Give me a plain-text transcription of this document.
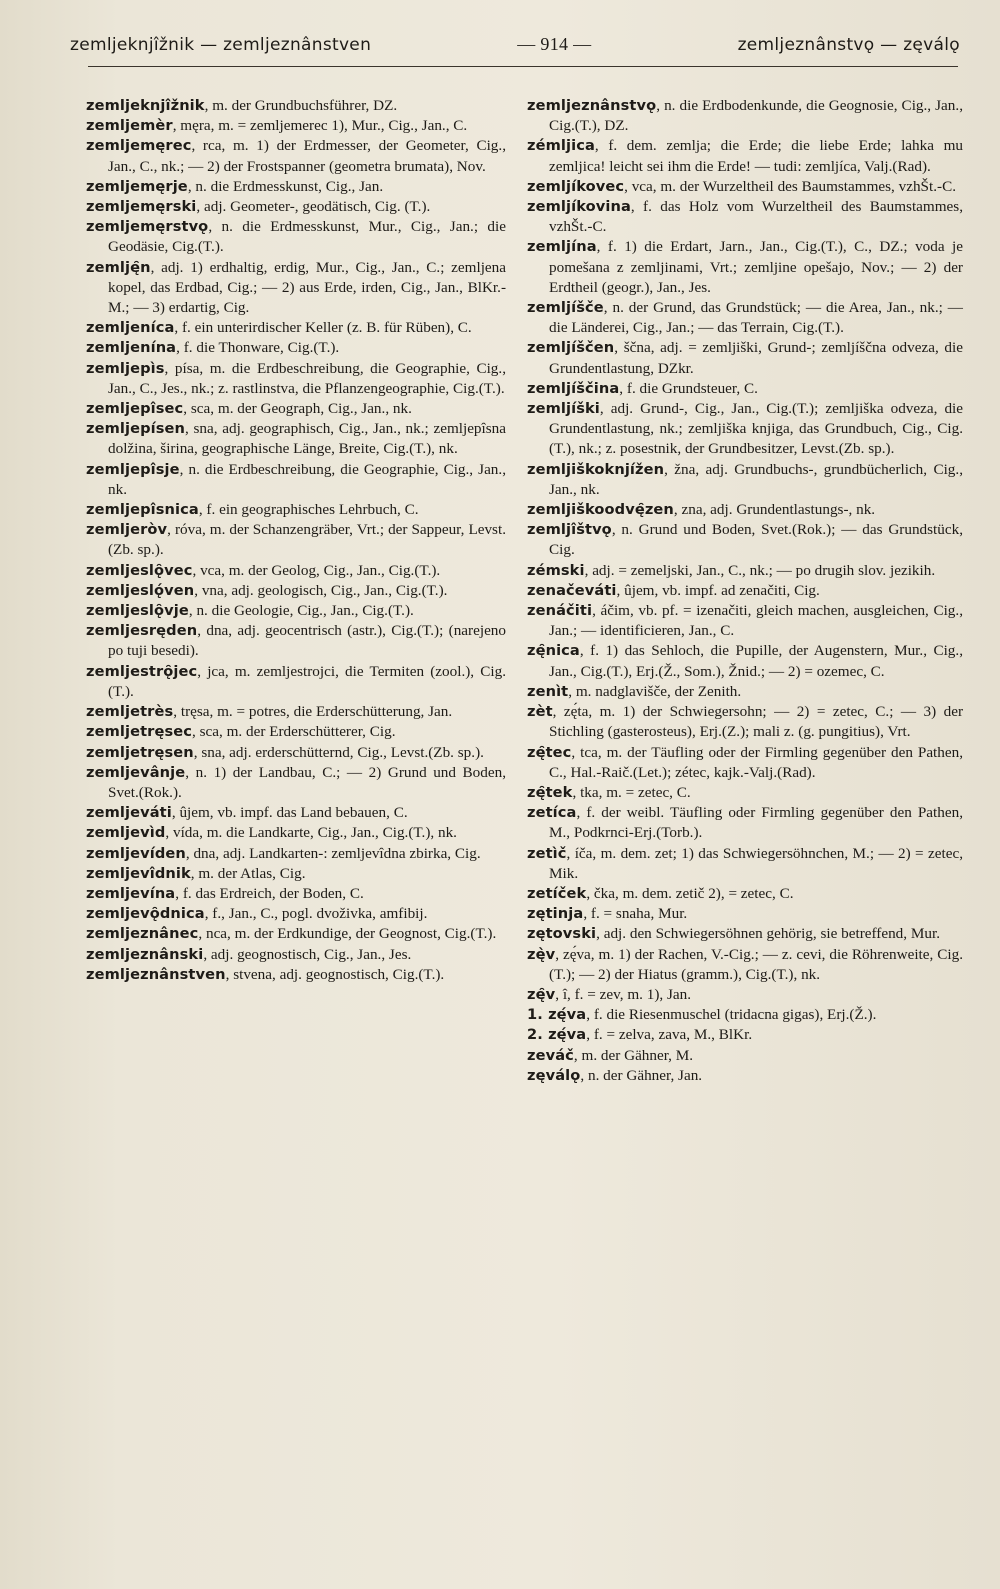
zemljeknjîžnik — zemljeznânstven	— 914 —	zemljeznânstvǫ — zęválǫ

zemljeknjîžnik, m. der Grundbuchsführer, DZ.

zemljemèr, męra, m. = zemljemerec 1), Mur., Cig., Jan., C.

zemljemęrec, rca, m. 1) der Erdmesser, der Geometer, Cig., Jan., C., nk.; — 2) der Frostspanner (geometra brumata), Nov.

zemljemęrje, n. die Erdmesskunst, Cig., Jan.

zemljemęrski, adj. Geometer-, geodätisch, Cig. (T.).

zemljemęrstvǫ, n. die Erdmesskunst, Mur., Cig., Jan.; die Geodäsie, Cig.(T.).

zemlję̑n, adj. 1) erdhaltig, erdig, Mur., Cig., Jan., C.; zemljena kopel, das Erdbad, Cig.; — 2) aus Erde, irden, Cig., Jan., BlKr.-M.; — 3) erdartig, Cig.

zemljeníca, f. ein unterirdischer Keller (z. B. für Rüben), C.

zemljenína, f. die Thonware, Cig.(T.).

zemljepìs, písa, m. die Erdbeschreibung, die Geographie, Cig., Jan., C., Jes., nk.; z. rastlinstva, die Pflanzengeographie, Cig.(T.).

zemljepîsec, sca, m. der Geograph, Cig., Jan., nk.

zemljepísen, sna, adj. geographisch, Cig., Jan., nk.; zemljepîsna dolžina, širina, geographische Länge, Breite, Cig.(T.), nk.

zemljepîsje, n. die Erdbeschreibung, die Geographie, Cig., Jan., nk.

zemljepîsnica, f. ein geographisches Lehrbuch, C.

zemljeròv, róva, m. der Schanzengräber, Vrt.; der Sappeur, Levst.(Zb. sp.).

zemljeslǫ̑vec, vca, m. der Geolog, Cig., Jan., Cig.(T.).

zemljeslǫ́ven, vna, adj. geologisch, Cig., Jan., Cig.(T.).

zemljeslǫ̑vje, n. die Geologie, Cig., Jan., Cig.(T.).

zemljesręden, dna, adj. geocentrisch (astr.), Cig.(T.); (narejeno po tuji besedi).

zemljestrǫ̑jec, jca, m. zemljestrojci, die Termiten (zool.), Cig.(T.).

zemljetrès, tręsa, m. = potres, die Erderschütterung, Jan.

zemljetręsec, sca, m. der Erderschütterer, Cig.

zemljetręsen, sna, adj. erderschütternd, Cig., Levst.(Zb. sp.).

zemljevânje, n. 1) der Landbau, C.; — 2) Grund und Boden, Svet.(Rok.).

zemljeváti, ûjem, vb. impf. das Land bebauen, C.

zemljevìd, vída, m. die Landkarte, Cig., Jan., Cig.(T.), nk.

zemljevíden, dna, adj. Landkarten-: zemljevîdna zbirka, Cig.

zemljevîdnik, m. der Atlas, Cig.

zemljevína, f. das Erdreich, der Boden, C.

zemljevǫ̑dnica, f., Jan., C., pogl. dvoživka, amfibij.

zemljeznânec, nca, m. der Erdkundige, der Geognost, Cig.(T.).

zemljeznânski, adj. geognostisch, Cig., Jan., Jes.

zemljeznânstven, stvena, adj. geognostisch, Cig.(T.).

zemljeznânstvǫ, n. die Erdbodenkunde, die Geognosie, Cig., Jan., Cig.(T.), DZ.

zémljica, f. dem. zemlja; die Erde; die liebe Erde; lahka mu zemljica! leicht sei ihm die Erde! — tudi: zemljíca, Valj.(Rad).

zemljíkovec, vca, m. der Wurzeltheil des Baumstammes, vzhŠt.-C.

zemljíkovina, f. das Holz vom Wurzeltheil des Baumstammes, vzhŠt.-C.

zemljína, f. 1) die Erdart, Jarn., Jan., Cig.(T.), C., DZ.; voda je pomešana z zemljinami, Vrt.; zemljine opešajo, Nov.; — 2) der Erdtheil (geogr.), Jan., Jes.

zemljíšče, n. der Grund, das Grundstück; — die Area, Jan., nk.; — die Länderei, Cig., Jan.; — das Terrain, Cig.(T.).

zemljíščen, ščna, adj. = zemljiški, Grund-; zemljíščna odveza, die Grundentlastung, DZkr.

zemljíščina, f. die Grundsteuer, C.

zemljíški, adj. Grund-, Cig., Jan., Cig.(T.); zemljiška odveza, die Grundentlastung, nk.; zemljiška knjiga, das Grundbuch, Cig., Cig.(T.), nk.; z. posestnik, der Grundbesitzer, Levst.(Zb. sp.).

zemljiškoknjížen, žna, adj. Grundbuchs-, grundbücherlich, Cig., Jan., nk.

zemljiškoodvę̑zen, zna, adj. Grundentlastungs-, nk.

zemljîštvǫ, n. Grund und Boden, Svet.(Rok.); — das Grundstück, Cig.

zémski, adj. = zemeljski, Jan., C., nk.; — po drugih slov. jezikih.

zenačeváti, ûjem, vb. impf. ad zenačiti, Cig.

zenáčiti, áčim, vb. pf. = izenačiti, gleich machen, ausgleichen, Cig., Jan.; — identificieren, Jan., C.

zę̑nica, f. 1) das Sehloch, die Pupille, der Augenstern, Mur., Cig., Jan., Cig.(T.), Erj.(Ž., Som.), Žnid.; — 2) = ozemec, C.

zenìt, m. nadglavišče, der Zenith.

zèt, zę́ta, m. 1) der Schwiegersohn; — 2) = zetec, C.; — 3) der Stichling (gasterosteus), Erj.(Z.); mali z. (g. pungitius), Vrt.

zę̑tec, tca, m. der Täufling oder der Firmling gegenüber den Pathen, C., Hal.-Raič.(Let.); zétec, kajk.-Valj.(Rad).

zę̑tek, tka, m. = zetec, C.

zetíca, f. der weibl. Täufling oder Firmling gegenüber den Pathen, M., Podkrnci-Erj.(Torb.).

zetìč, íča, m. dem. zet; 1) das Schwiegersöhnchen, M.; — 2) = zetec, Mik.

zetíček, čka, m. dem. zetič 2), = zetec, C.

zętinja, f. = snaha, Mur.

zętovski, adj. den Schwiegersöhnen gehörig, sie betreffend, Mur.

zę̀v, zę́va, m. 1) der Rachen, V.-Cig.; — z. cevi, die Röhrenweite, Cig.(T.); — 2) der Hiatus (gramm.), Cig.(T.), nk.

zę̑v, î, f. = zev, m. 1), Jan.

1. zę́va, f. die Riesenmuschel (tridacna gigas), Erj.(Ž.).

2. zę́va, f. = zelva, zava, M., BlKr.

zeváč, m. der Gähner, M.

zęválǫ, n. der Gähner, Jan.
